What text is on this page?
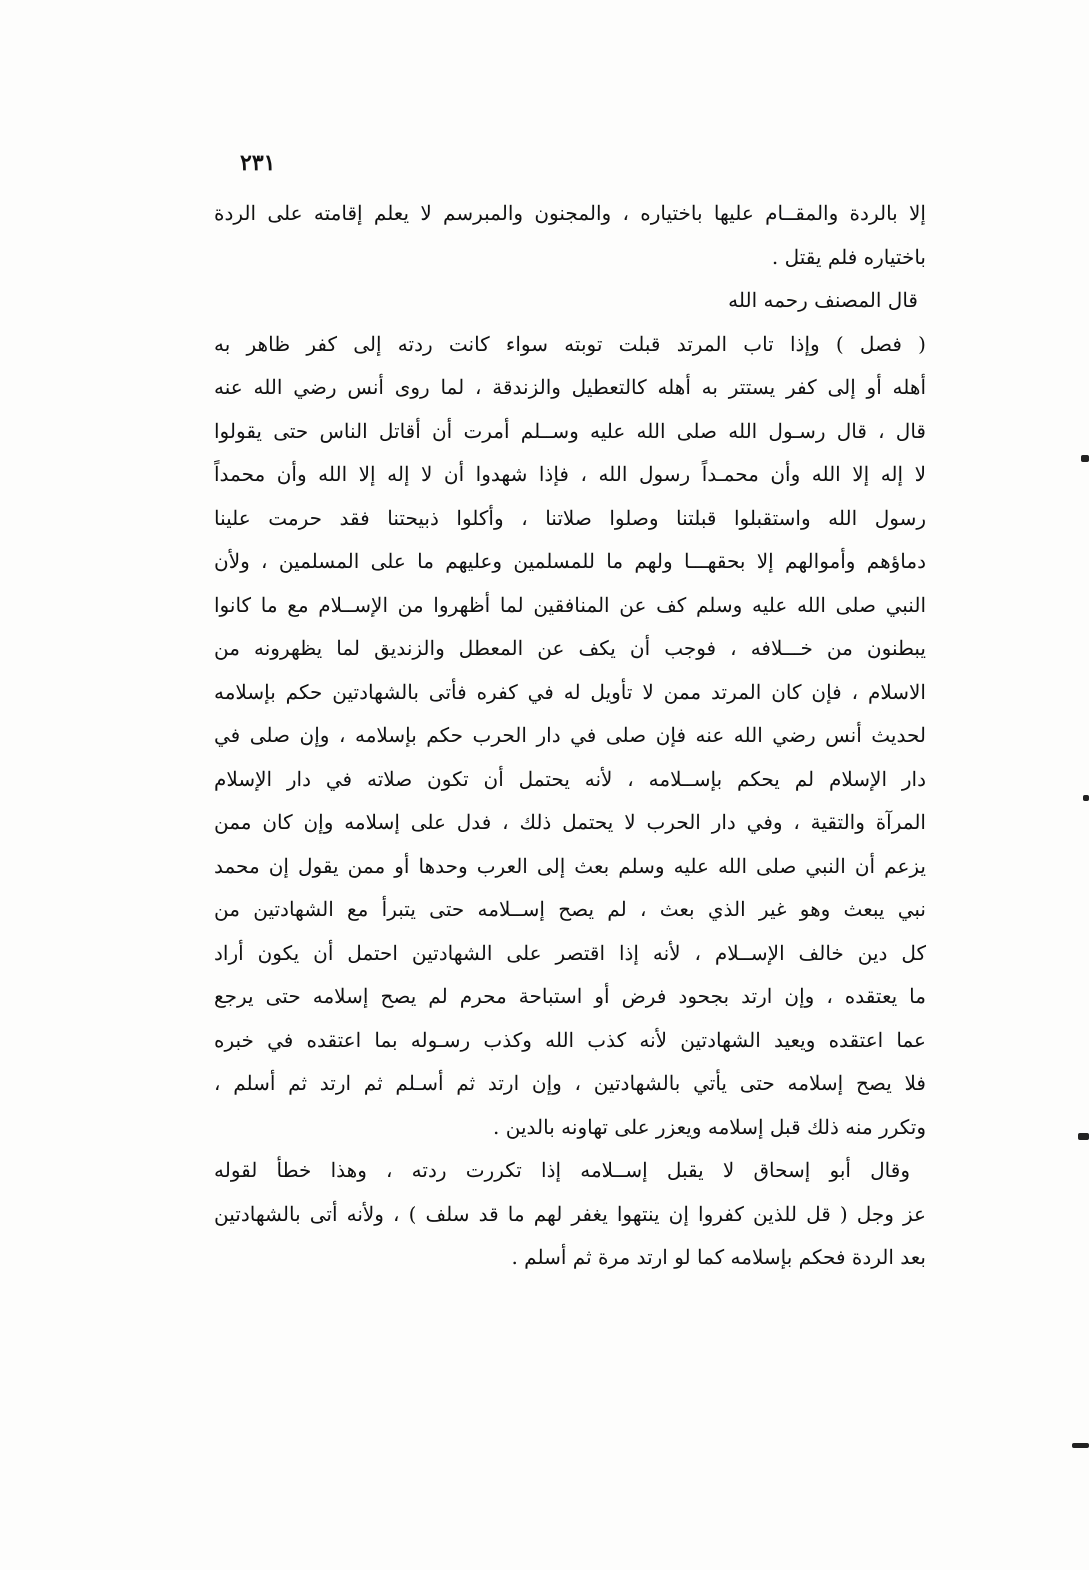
٢٣١
إلا بالردة والمقــام عليها باختياره ، والمجنون والمبرسم لا يعلم إقامته على الردة
باختياره فلم يقتل .
قال المصنف رحمه الله
( فصل ) وإذا تاب المرتد قبلت توبته سواء كانت ردته إلى كفر ظاهر به
أهله أو إلى كفر يستتر به أهله كالتعطيل والزندقة ، لما روى أنس رضي الله عنه
قال ، قال رسـول الله صلى الله عليه وســلم أمرت أن أقاتل الناس حتى يقولوا
لا إله إلا الله وأن محمـداً رسول الله ، فإذا شهدوا أن لا إله إلا الله وأن محمداً
رسول الله واستقبلوا قبلتنا وصلوا صلاتنا ، وأكلوا ذبيحتنا فقد حرمت علينا
دماؤهم وأموالهم إلا بحقهـــا ولهم ما للمسلمين وعليهم ما على المسلمين ، ولأن
النبي صلى الله عليه وسلم كف عن المنافقين لما أظهروا من الإســلام مع ما كانوا
يبطنون من خـــلافه ، فوجب أن يكف عن المعطل والزنديق لما يظهرونه من
الاسلام ، فإن كان المرتد ممن لا تأويل له في كفره فأتى بالشهادتين حكم بإسلامه
لحديث أنس رضي الله عنه فإن صلى في دار الحرب حكم بإسلامه ، وإن صلى في
دار الإسلام لم يحكم بإســلامه ، لأنه يحتمل أن تكون صلاته في دار الإسلام
المرآة والتقية ، وفي دار الحرب لا يحتمل ذلك ، فدل على إسلامه وإن كان ممن
يزعم أن النبي صلى الله عليه وسلم بعث إلى العرب وحدها أو ممن يقول إن محمد
نبي يبعث وهو غير الذي بعث ، لم يصح إســلامه حتى يتبرأ مع الشهادتين من
كل دين خالف الإســلام ، لأنه إذا اقتصر على الشهادتين احتمل أن يكون أراد
ما يعتقده ، وإن ارتد بجحود فرض أو استباحة محرم لم يصح إسلامه حتى يرجع
عما اعتقده ويعيد الشهادتين لأنه كذب الله وكذب رسـوله بما اعتقده في خبره
فلا يصح إسلامه حتى يأتي بالشهادتين ، وإن ارتد ثم أسـلم ثم ارتد ثم أسلم ،
وتكرر منه ذلك قبل إسلامه ويعزر على تهاونه بالدين .
وقال أبو إسحاق لا يقبل إســلامه إذا تكررت ردته ، وهذا خطأ لقوله
عز وجل ( قل للذين كفروا إن ينتهوا يغفر لهم ما قد سلف ) ، ولأنه أتى بالشهادتين
بعد الردة فحكم بإسلامه كما لو ارتد مرة ثم أسلم .
